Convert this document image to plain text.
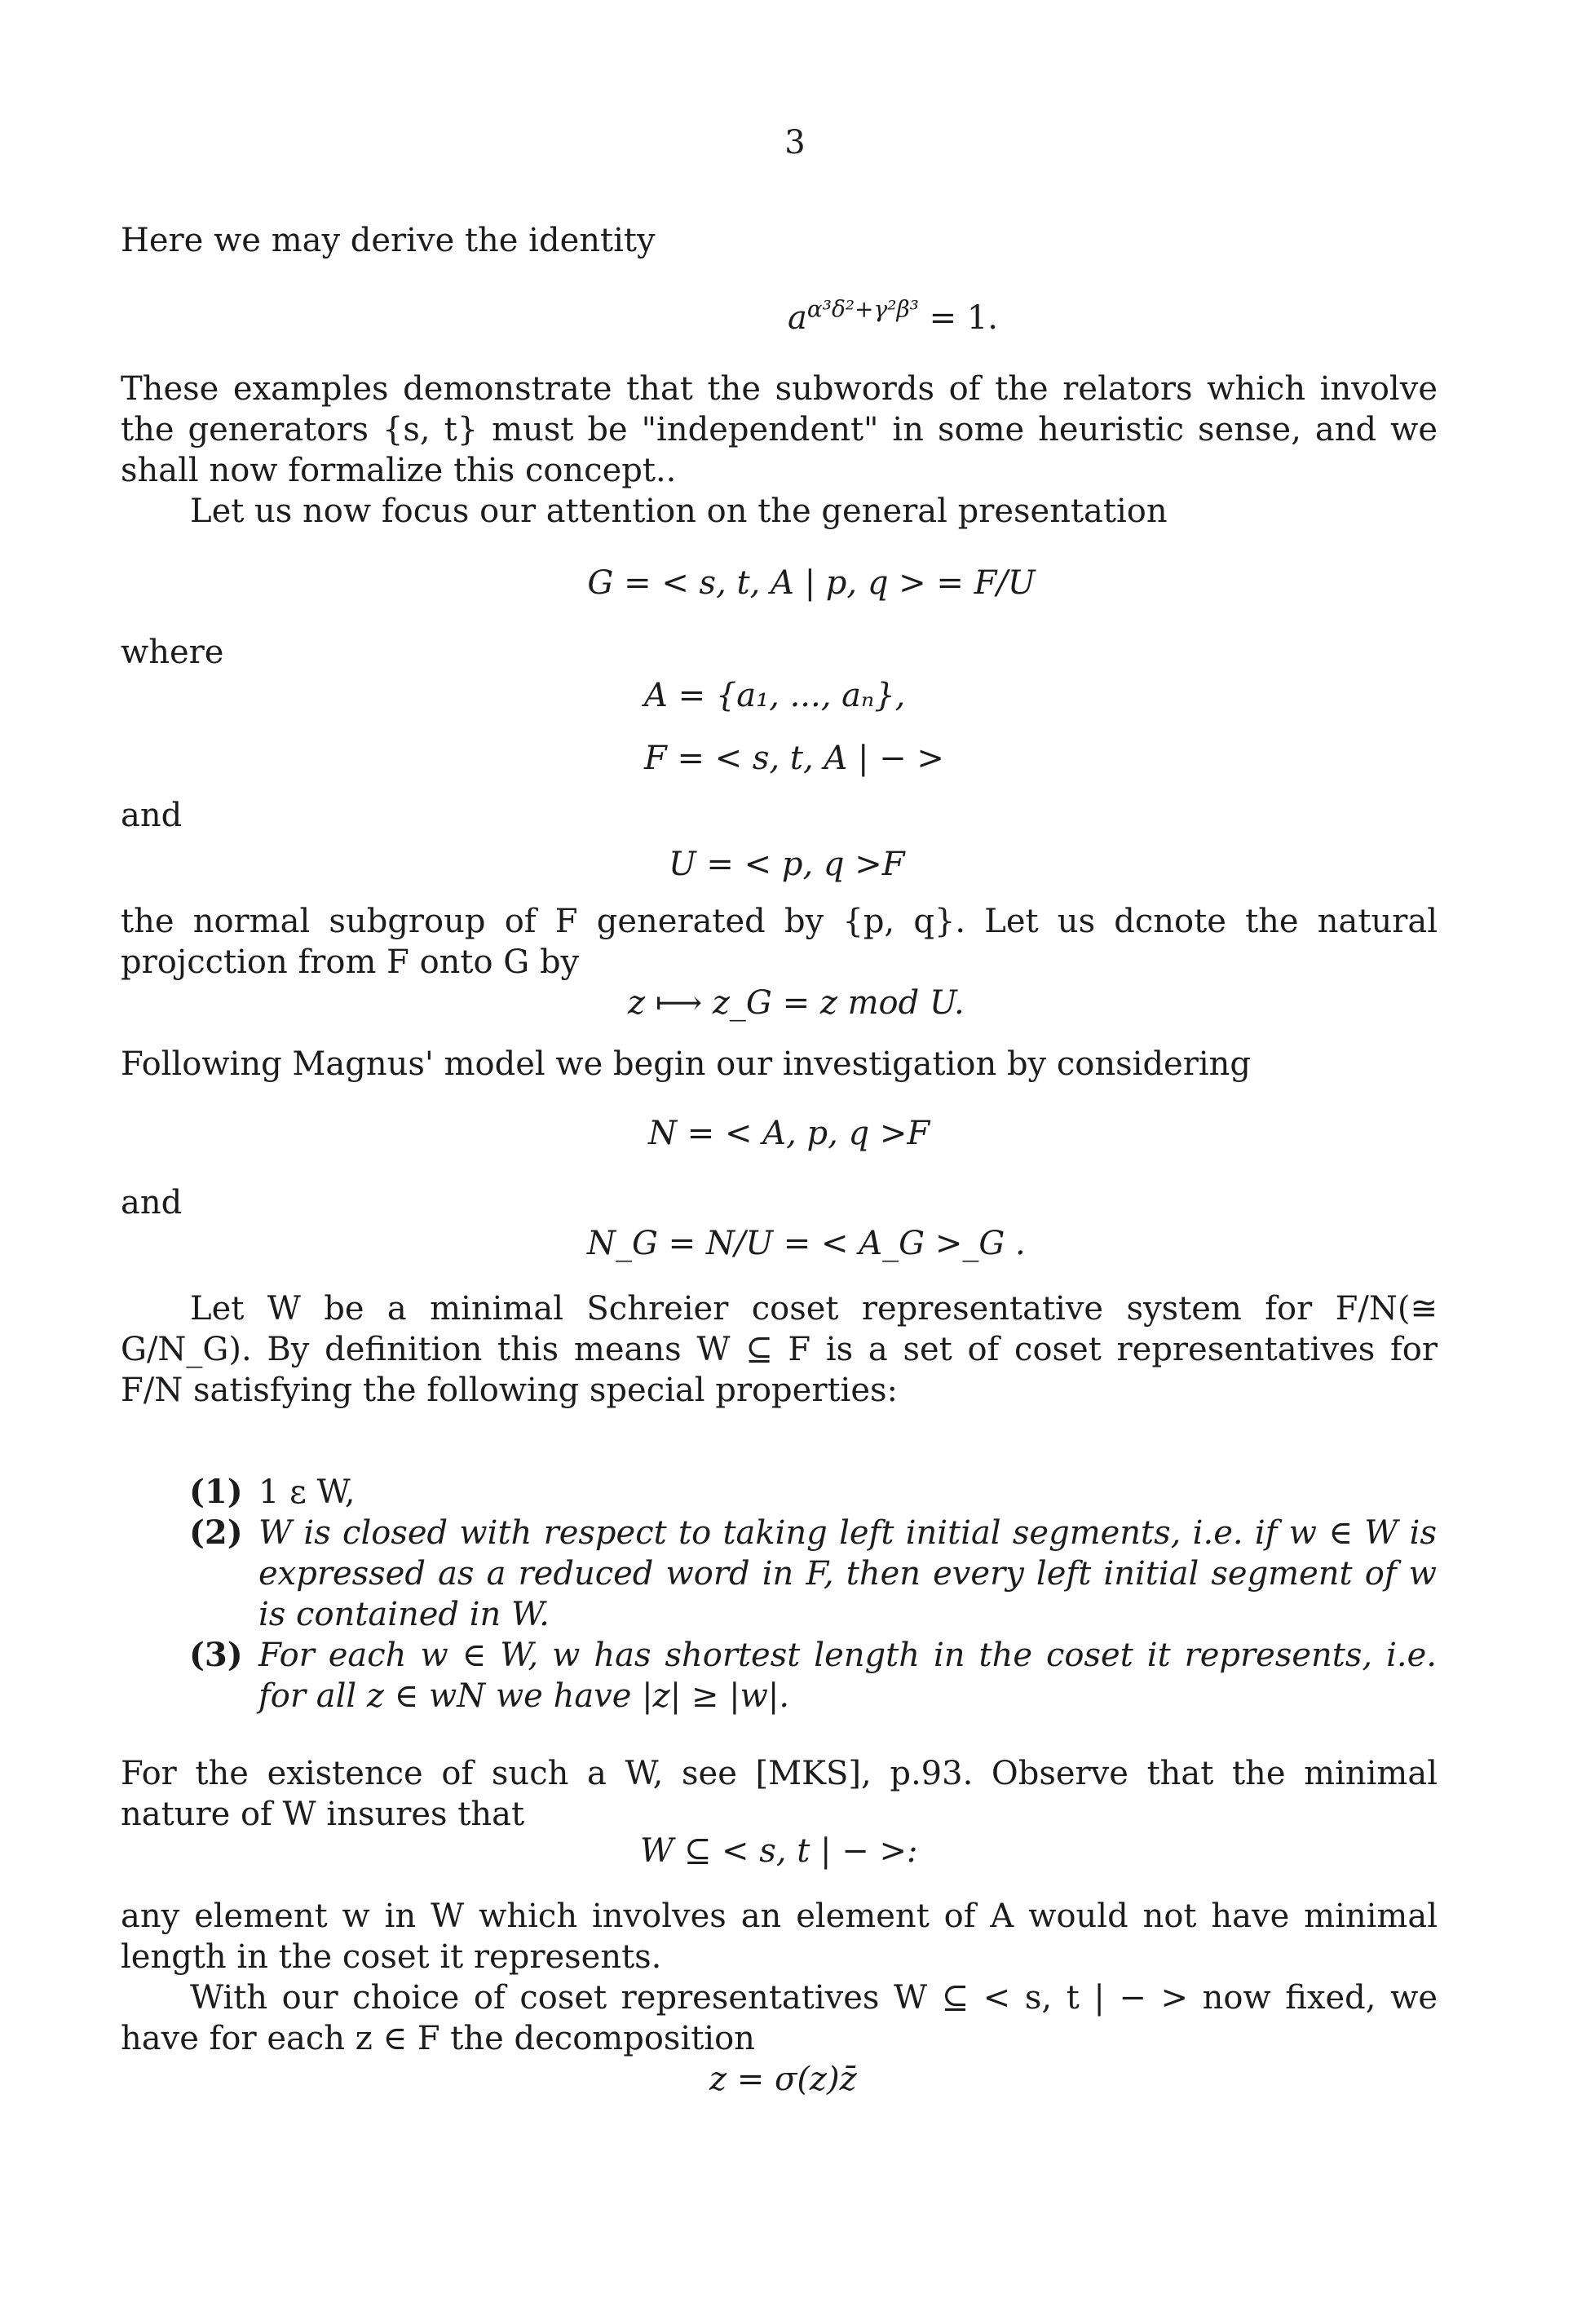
3
Here we may derive the identity
$a^{\alpha^3\delta^2+\gamma^2\beta^3} = 1$.
These examples demonstrate that the subwords of the relators which involve the generators {s, t} must be "independent" in some heuristic sense, and we shall now formalize this concept..
Let us now focus our attention on the general presentation
G = < s, t, A | p, q > = F/U
where
A = {a₁, ..., aₙ},
F = < s, t, A | − >
and
U = < p, q >F
the normal subgroup of F generated by {p, q}. Let us dcnote the natural projcction from F onto G by
z ⟼ z_G = z mod U.
Following Magnus' model we begin our investigation by considering
N = < A, p, q >F
and
N_G = N/U = < A_G >_G .
Let W be a minimal Schreier coset representative system for F/N(≅ G/N_G). By definition this means W ⊆ F is a set of coset representatives for F/N satisfying the following special properties:
(1) 1 ε W,
(2) W is closed with respect to taking left initial segments, i.e. if w ∈ W is expressed as a reduced word in F, then every left initial segment of w is contained in W.
(3) For each w ∈ W, w has shortest length in the coset it represents, i.e. for all z ∈ wN we have |z| ≥ |w|.
For the existence of such a W, see [MKS], p.93. Observe that the minimal nature of W insures that
W ⊆ < s, t | − >:
any element w in W which involves an element of A would not have minimal length in the coset it represents.
With our choice of coset representatives W ⊆ < s, t | − > now fixed, we have for each z ∈ F the decomposition
z = σ(z)z̄
